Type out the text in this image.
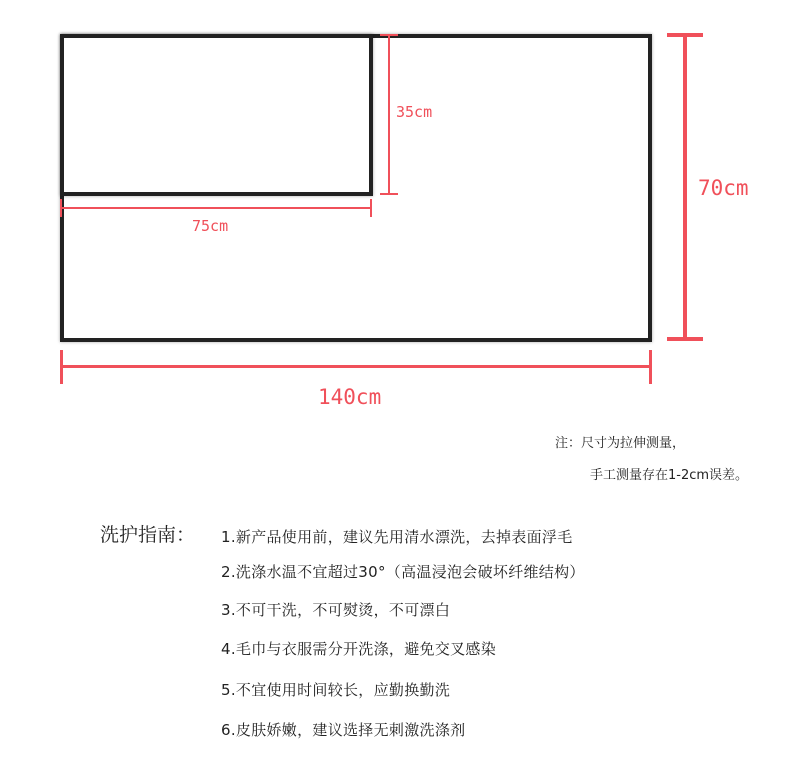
35cm
75cm
70cm
140cm
注：尺寸为拉伸测量，
手工测量存在1-2cm误差。
洗护指南： 1.新产品使用前，建议先用清水漂洗，去掉表面浮毛
2.洗涤水温不宜超过30°（高温浸泡会破坏纤维结构）
3.不可干洗，不可熨烫，不可漂白
4.毛巾与衣服需分开洗涤，避免交叉感染
5.不宜使用时间较长，应勤换勤洗
6.皮肤娇嫩，建议选择无刺激洗涤剂
